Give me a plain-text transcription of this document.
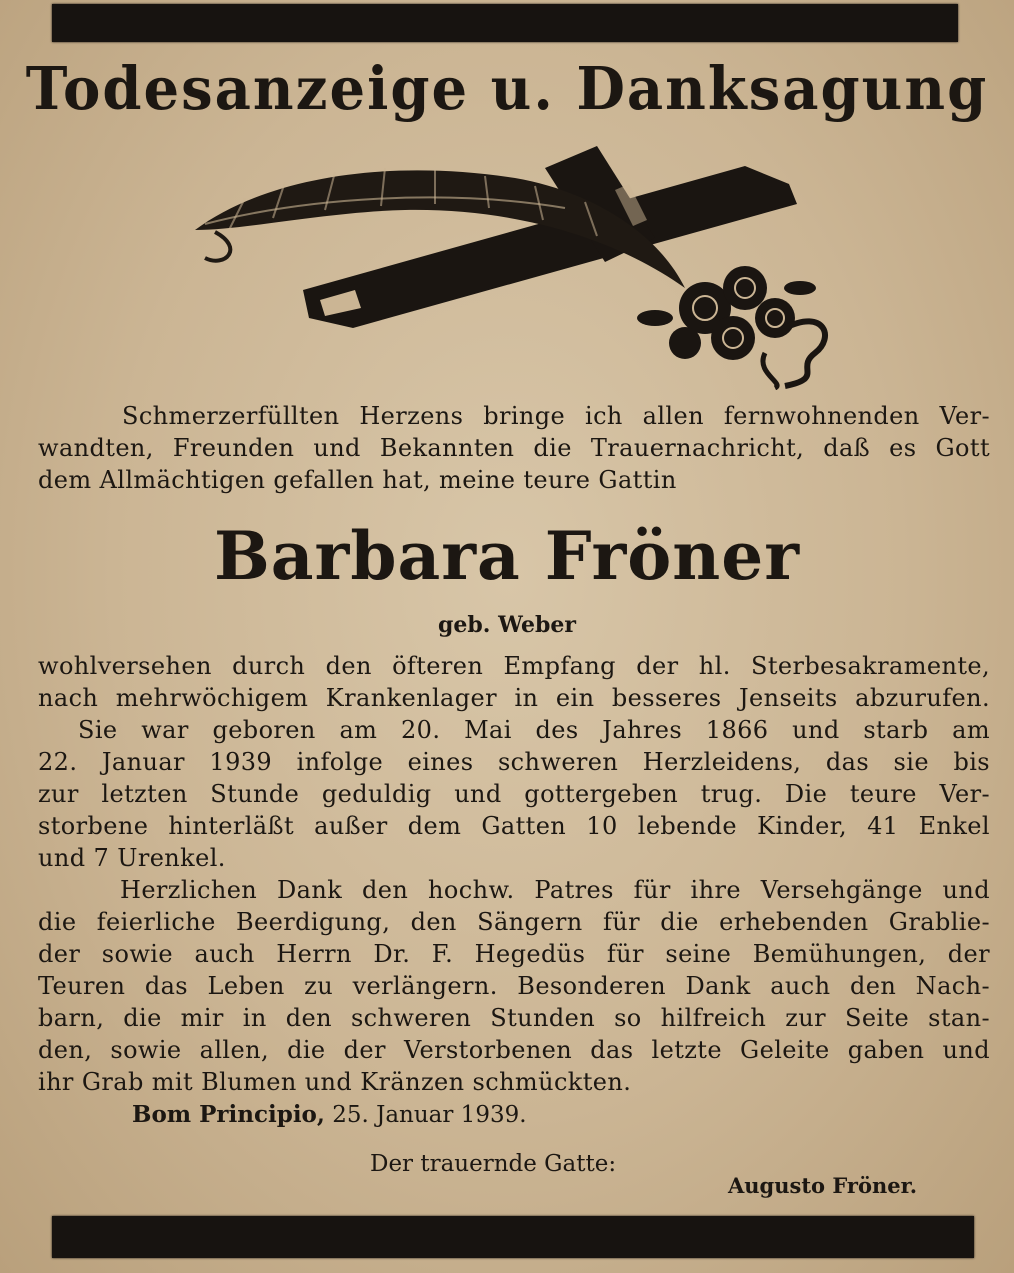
Todesanzeige u. Danksagung
Schmerzerfüllten Herzens bringe ich allen fernwohnenden Ver-
wandten, Freunden und Bekannten die Trauernachricht, daß es Gott
dem Allmächtigen gefallen hat, meine teure Gattin
Barbara Fröner
geb. Weber
wohlversehen durch den öfteren Empfang der hl. Sterbesakramente,
nach mehrwöchigem Krankenlager in ein besseres Jenseits abzurufen.
Sie war geboren am 20. Mai des Jahres 1866 und starb am
22. Januar 1939 infolge eines schweren Herzleidens, das sie bis
zur letzten Stunde geduldig und gottergeben trug. Die teure Ver-
storbene hinterläßt außer dem Gatten 10 lebende Kinder, 41 Enkel
und 7 Urenkel.
Herzlichen Dank den hochw. Patres für ihre Versehgänge und
die feierliche Beerdigung, den Sängern für die erhebenden Grablie-
der sowie auch Herrn Dr. F. Hegedüs für seine Bemühungen, der
Teuren das Leben zu verlängern. Besonderen Dank auch den Nach-
barn, die mir in den schweren Stunden so hilfreich zur Seite stan-
den, sowie allen, die der Verstorbenen das letzte Geleite gaben und
ihr Grab mit Blumen und Kränzen schmückten.
Bom Principio, 25. Januar 1939.
Der trauernde Gatte:
Augusto Fröner.
